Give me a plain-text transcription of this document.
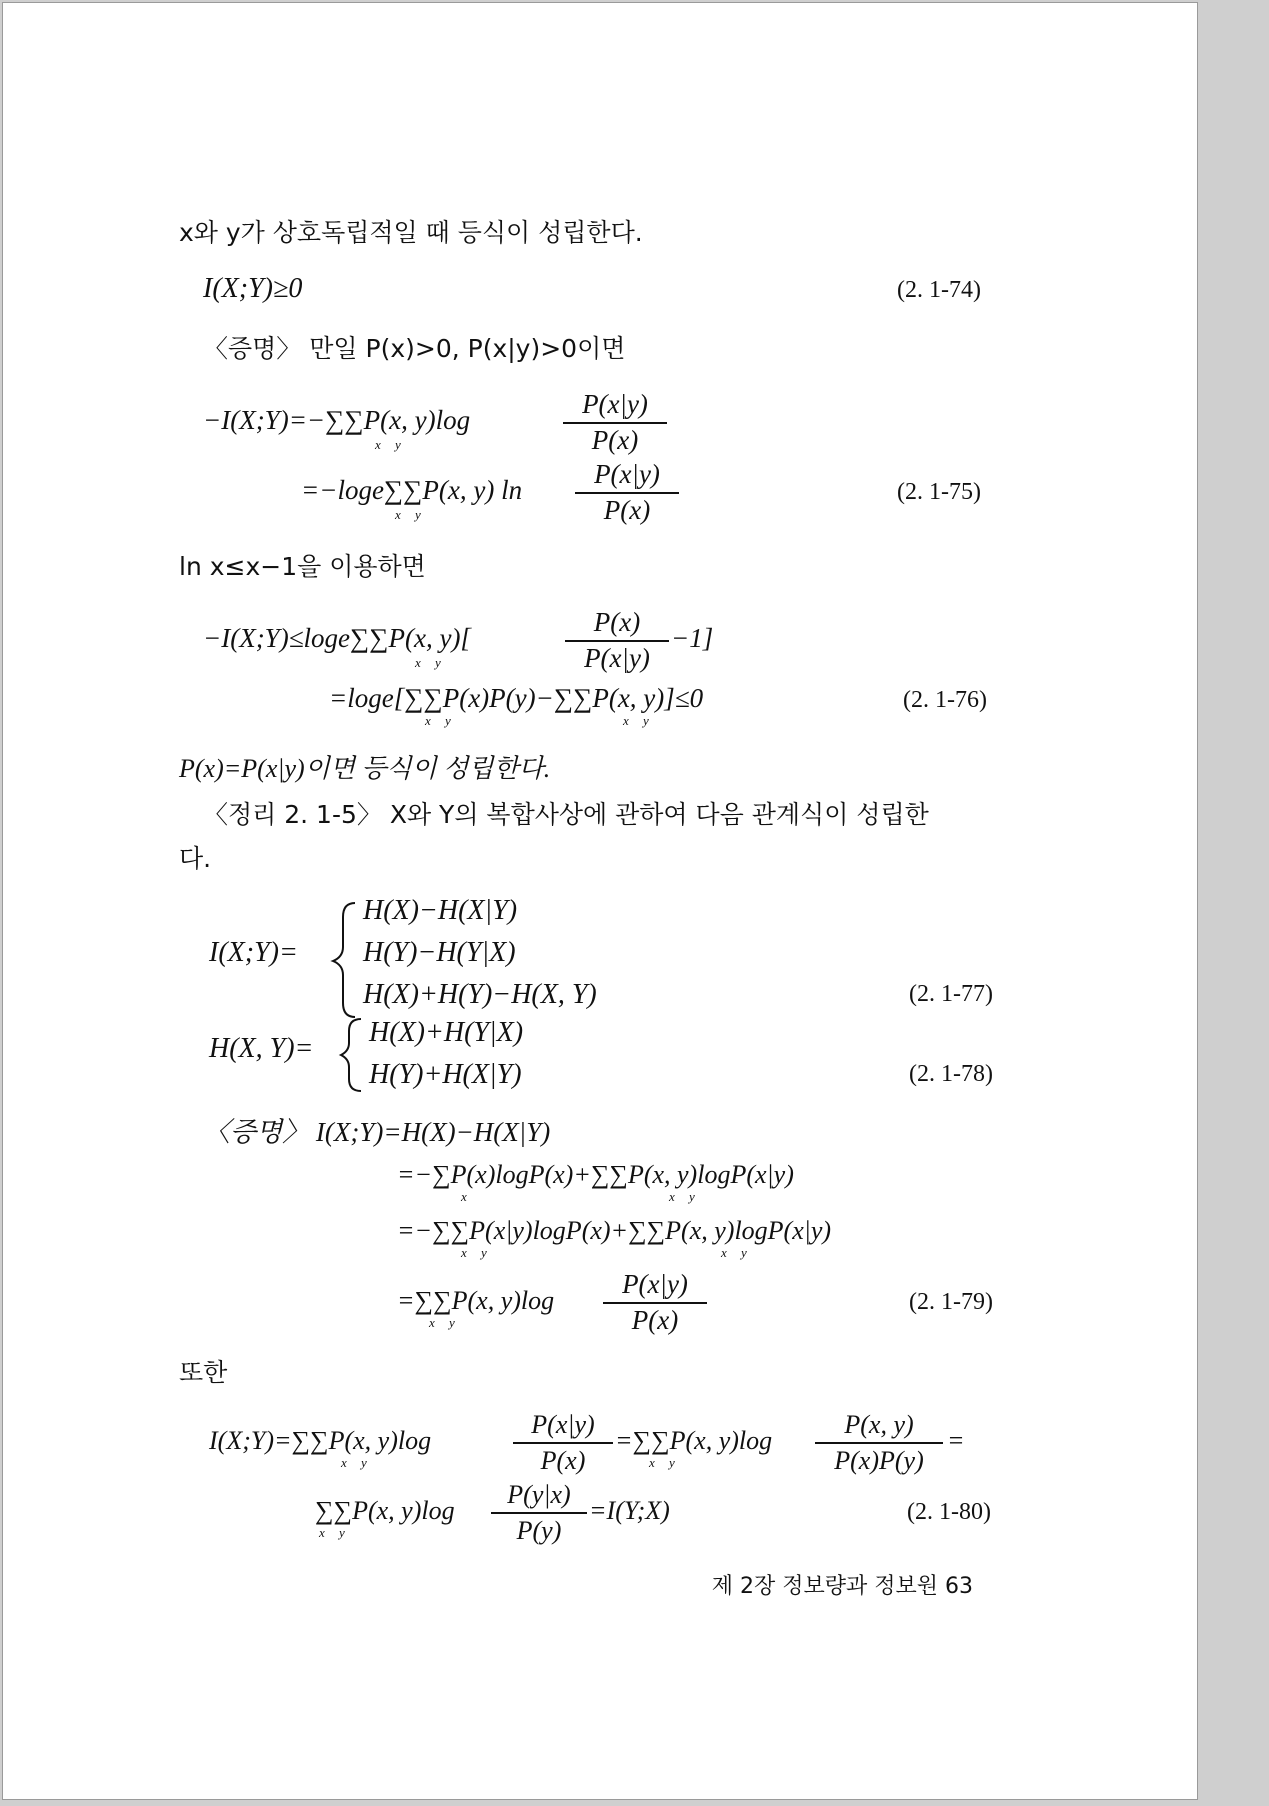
x와 y가 상호독립적일 때 등식이 성립한다.
I(X;Y)≥0	(2. 1-74)
〈증명〉 만일 P(x)>0, P(x|y)>0이면
−I(X;Y)=−∑∑P(x, y)log
x y
P(x|y)
P(x)
=−loge∑∑P(x, y) ln
x y
P(x|y)
P(x)
(2. 1-75)
ln x≤x−1을 이용하면
−I(X;Y)≤loge∑∑P(x, y)[
x y
P(x)
P(x|y)
−1]
=loge[∑∑P(x)P(y)−∑∑P(x, y)]≤0
x y	x y
(2. 1-76)
P(x)=P(x|y)이면 등식이 성립한다.
〈정리 2. 1-5〉 X와 Y의 복합사상에 관하여 다음 관계식이 성립한
다.
I(X;Y)=
H(X)−H(X|Y)
H(Y)−H(Y|X)
H(X)+H(Y)−H(X, Y)	(2. 1-77)
H(X, Y)=
H(X)+H(Y|X)
H(Y)+H(X|Y)	(2. 1-78)
〈증명〉 I(X;Y)=H(X)−H(X|Y)
=−∑P(x)logP(x)+∑∑P(x, y)logP(x|y)
x	x y
=−∑∑P(x|y)logP(x)+∑∑P(x, y)logP(x|y)
x y	x y
=∑∑P(x, y)log
x y
P(x|y)
P(x)
(2. 1-79)
또한
I(X;Y)=∑∑P(x, y)log
x y
P(x|y)
P(x)
=∑∑P(x, y)log
x y
P(x, y)
P(x)P(y)
=
∑∑P(x, y)log
x y
P(y|x)
P(y)
=I(Y;X)	(2. 1-80)
제 2장 정보량과 정보원 63
